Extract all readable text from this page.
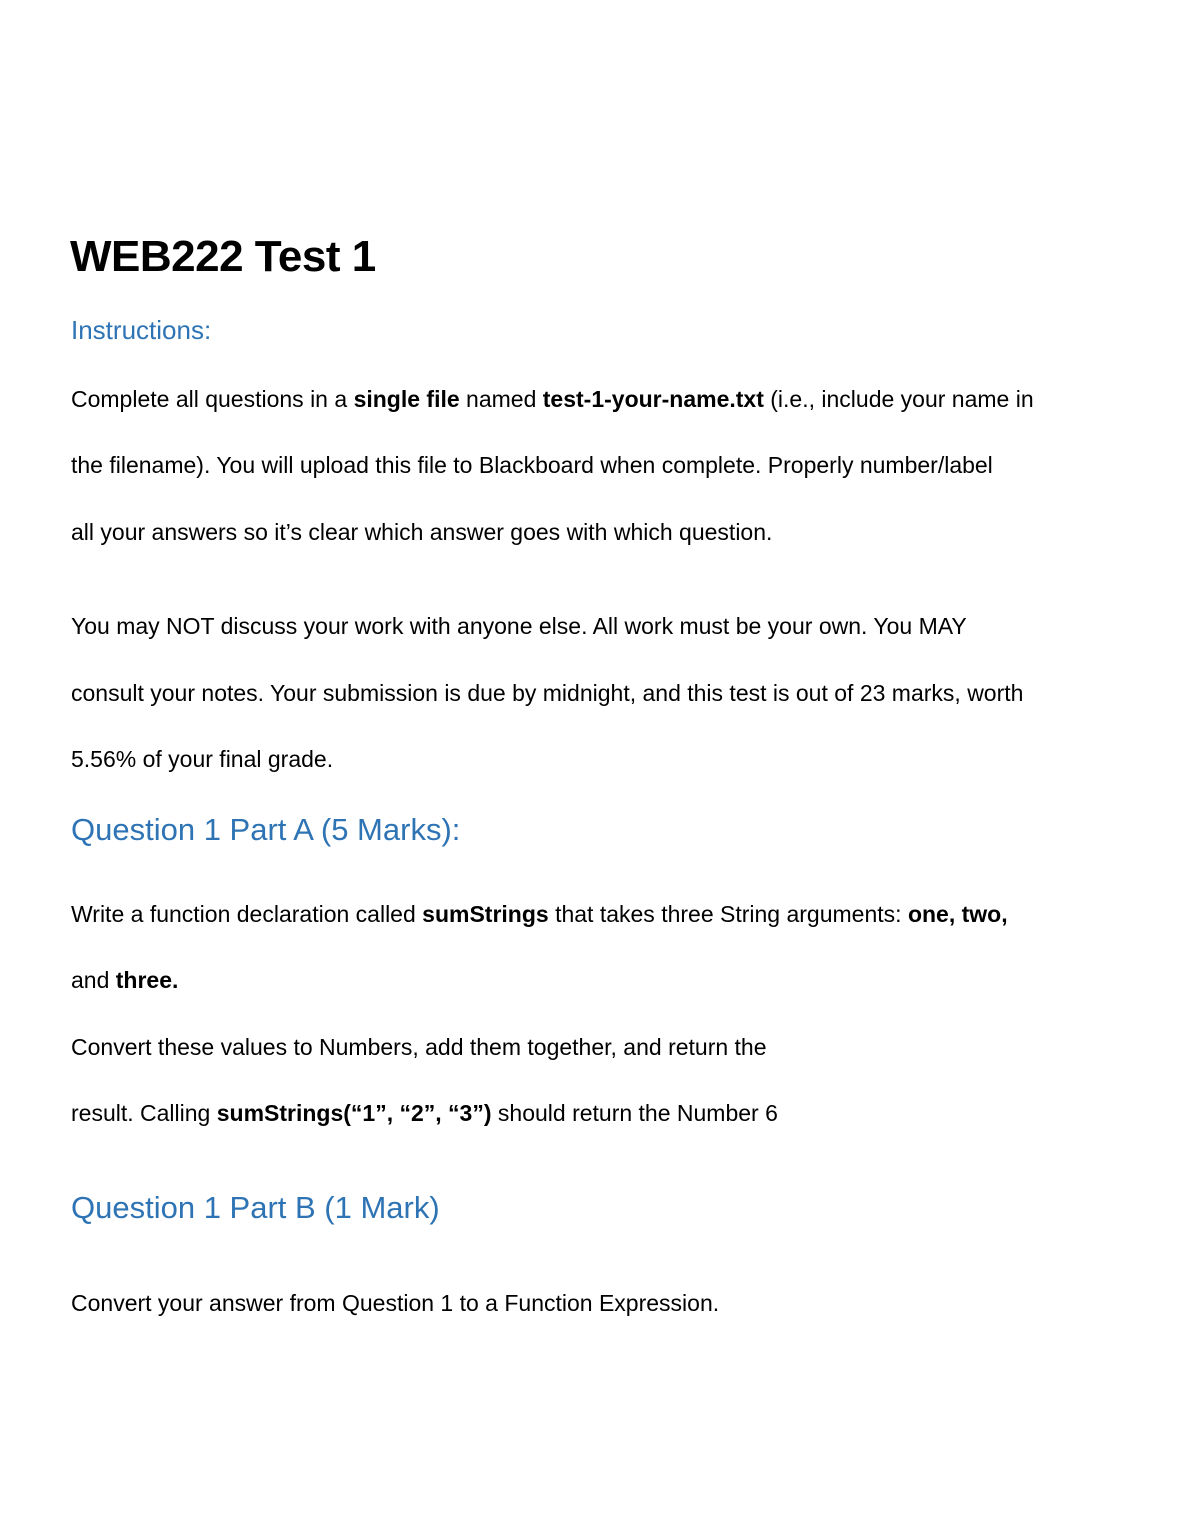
WEB222 Test 1
Instructions:
Complete all questions in a single file named test-1-your-name.txt (i.e., include your name in
the filename). You will upload this file to Blackboard when complete. Properly number/label
all your answers so it’s clear which answer goes with which question.
You may NOT discuss your work with anyone else. All work must be your own. You MAY
consult your notes. Your submission is due by midnight, and this test is out of 23 marks, worth
5.56% of your final grade.
Question 1 Part A (5 Marks):
Write a function declaration called sumStrings that takes three String arguments: one, two,
and three.
Convert these values to Numbers, add them together, and return the
result. Calling sumStrings(“1”, “2”, “3”) should return the Number 6
Question 1 Part B (1 Mark)
Convert your answer from Question 1 to a Function Expression.
